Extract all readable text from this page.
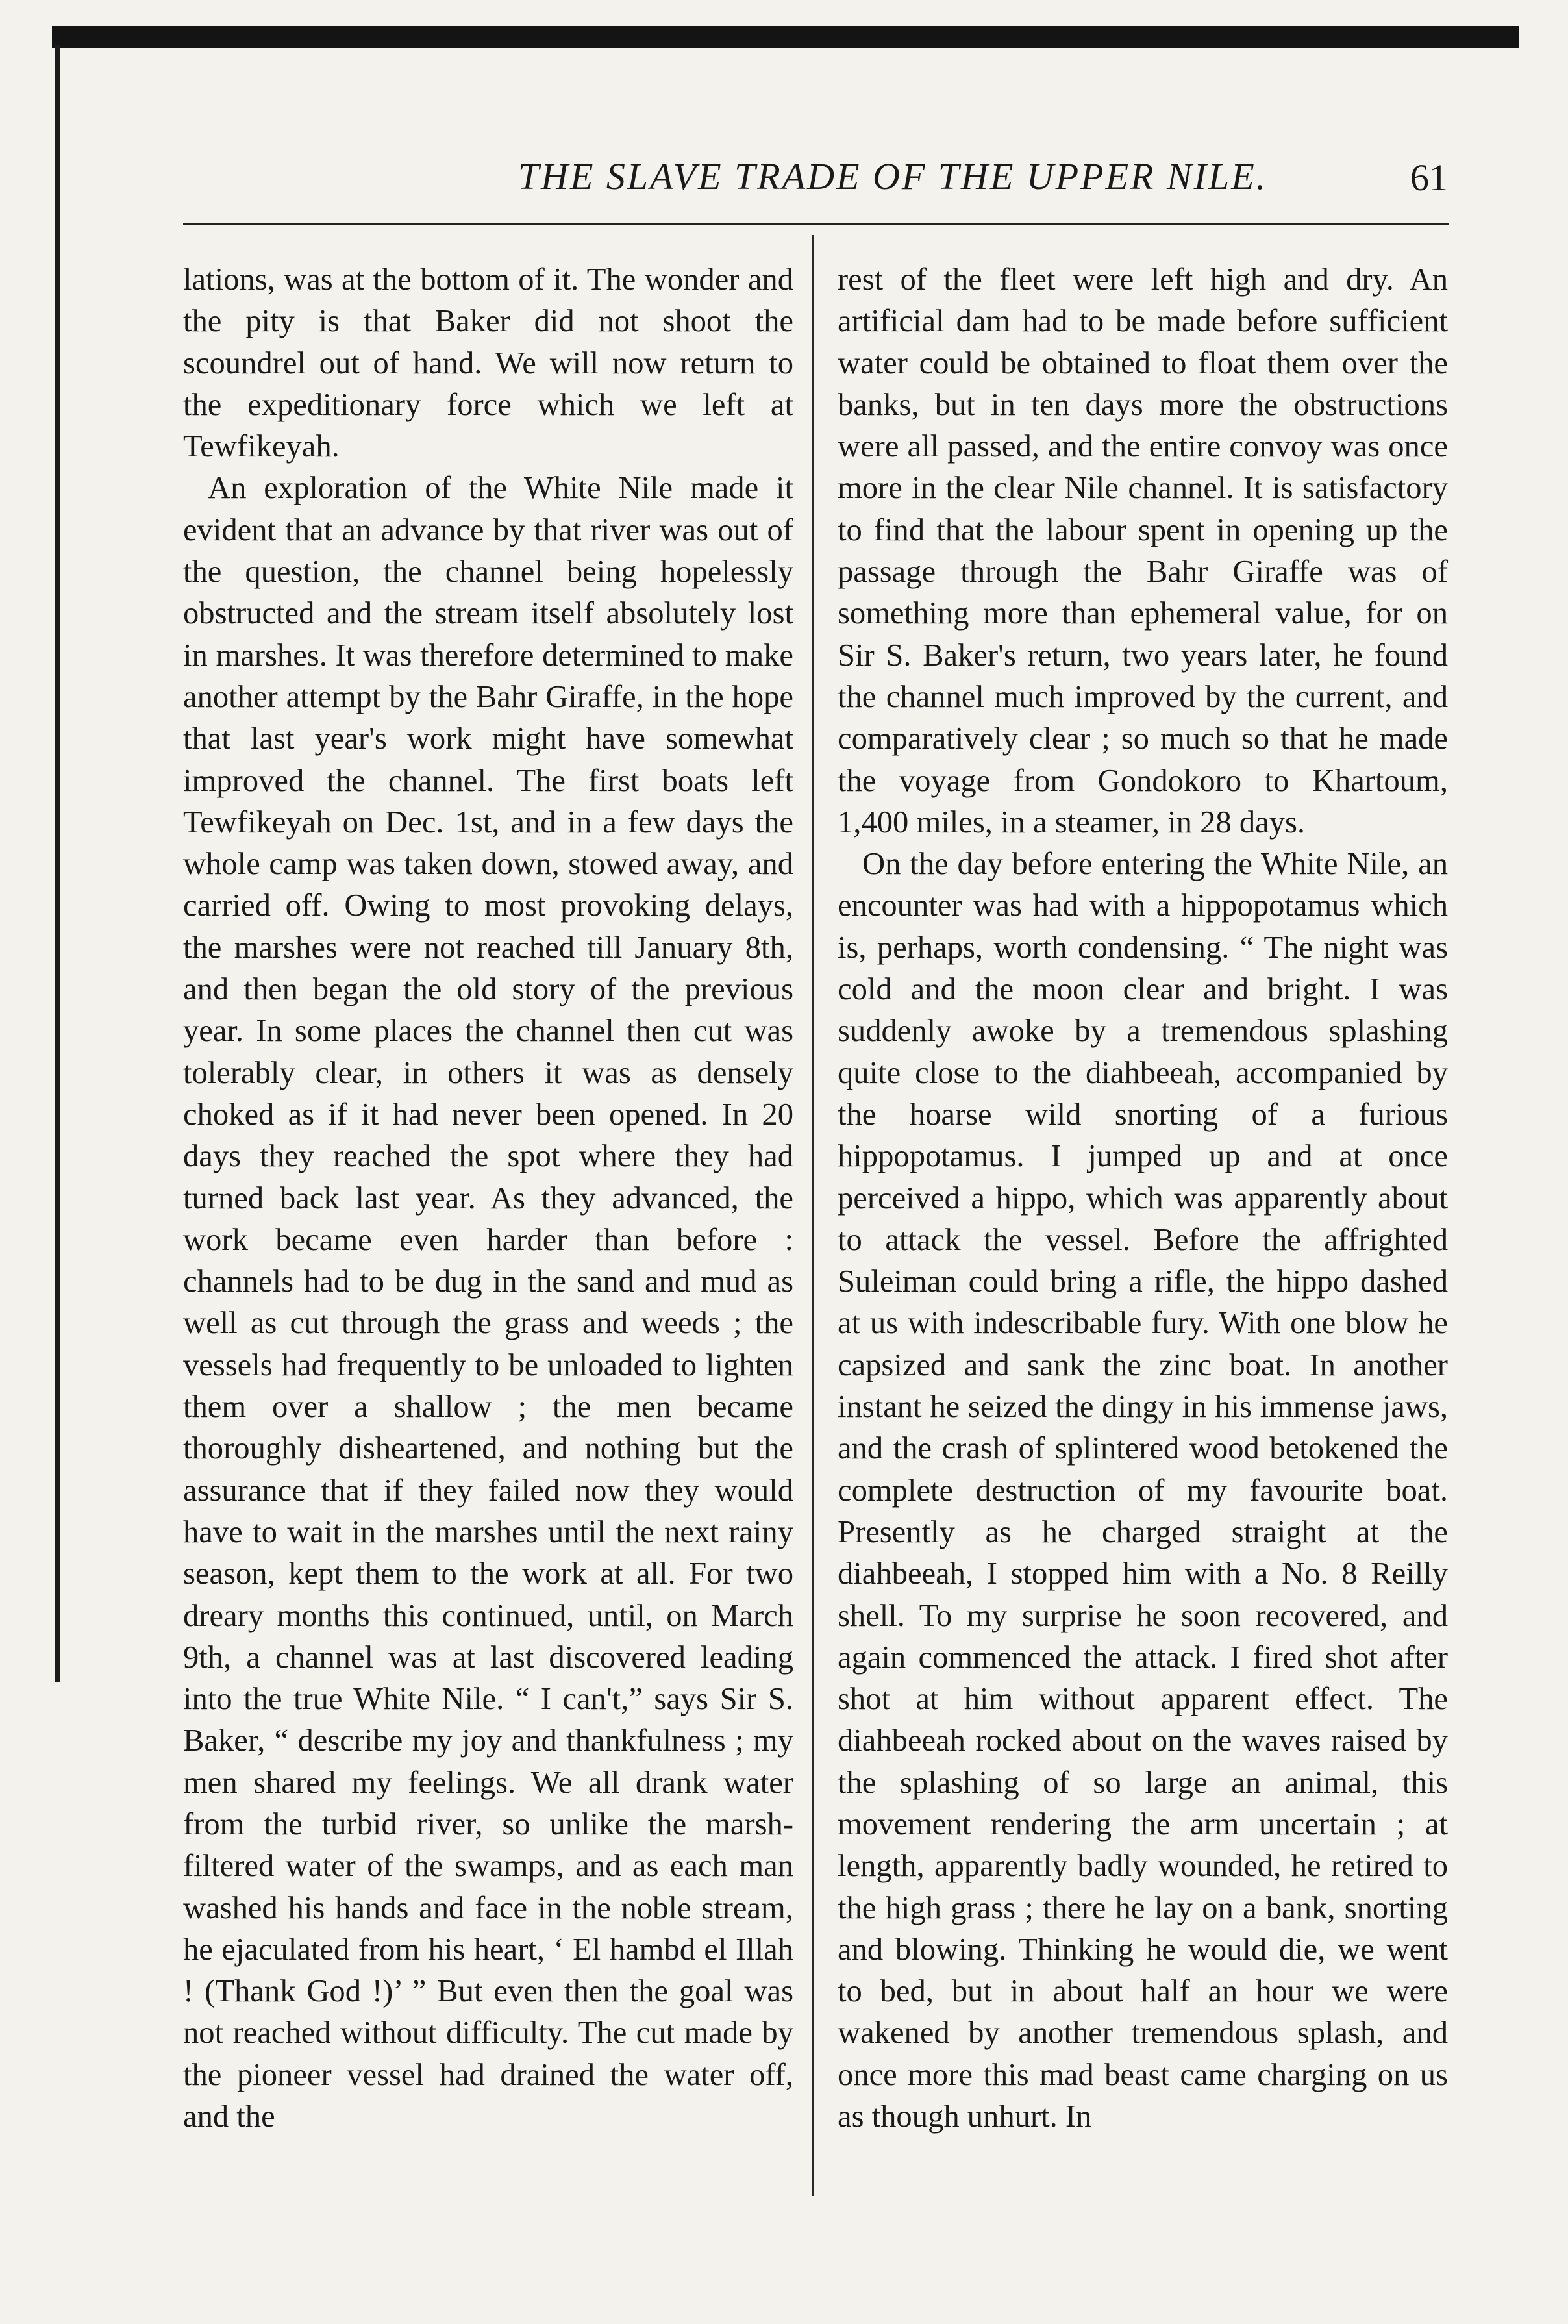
THE SLAVE TRADE OF THE UPPER NILE.	61

lations, was at the bottom of it. The wonder and the pity is that Baker did not shoot the scoundrel out of hand. We will now return to the expeditionary force which we left at Tewfikeyah.

An exploration of the White Nile made it evident that an advance by that river was out of the question, the channel being hopelessly obstructed and the stream itself absolutely lost in marshes. It was therefore determined to make another attempt by the Bahr Giraffe, in the hope that last year's work might have somewhat improved the channel. The first boats left Tewfikeyah on Dec. 1st, and in a few days the whole camp was taken down, stowed away, and carried off. Owing to most provoking delays, the marshes were not reached till January 8th, and then began the old story of the previous year. In some places the channel then cut was tolerably clear, in others it was as densely choked as if it had never been opened. In 20 days they reached the spot where they had turned back last year. As they advanced, the work became even harder than before : channels had to be dug in the sand and mud as well as cut through the grass and weeds ; the vessels had frequently to be unloaded to lighten them over a shallow ; the men became thoroughly disheartened, and nothing but the assurance that if they failed now they would have to wait in the marshes until the next rainy season, kept them to the work at all. For two dreary months this continued, until, on March 9th, a channel was at last discovered leading into the true White Nile. “ I can't,” says Sir S. Baker, “ describe my joy and thankfulness ; my men shared my feelings. We all drank water from the turbid river, so unlike the marsh-filtered water of the swamps, and as each man washed his hands and face in the noble stream, he ejaculated from his heart, ‘ El hambd el Illah ! (Thank God !)’ ” But even then the goal was not reached without difficulty. The cut made by the pioneer vessel had drained the water off, and the

rest of the fleet were left high and dry. An artificial dam had to be made before sufficient water could be obtained to float them over the banks, but in ten days more the obstructions were all passed, and the entire convoy was once more in the clear Nile channel. It is satisfactory to find that the labour spent in opening up the passage through the Bahr Giraffe was of something more than ephemeral value, for on Sir S. Baker's return, two years later, he found the channel much improved by the current, and comparatively clear ; so much so that he made the voyage from Gondokoro to Khartoum, 1,400 miles, in a steamer, in 28 days.

On the day before entering the White Nile, an encounter was had with a hippopotamus which is, perhaps, worth condensing. “ The night was cold and the moon clear and bright. I was suddenly awoke by a tremendous splashing quite close to the diahbeeah, accompanied by the hoarse wild snorting of a furious hippopotamus. I jumped up and at once perceived a hippo, which was apparently about to attack the vessel. Before the affrighted Suleiman could bring a rifle, the hippo dashed at us with indescribable fury. With one blow he capsized and sank the zinc boat. In another instant he seized the dingy in his immense jaws, and the crash of splintered wood betokened the complete destruction of my favourite boat. Presently as he charged straight at the diahbeeah, I stopped him with a No. 8 Reilly shell. To my surprise he soon recovered, and again commenced the attack. I fired shot after shot at him without apparent effect. The diahbeeah rocked about on the waves raised by the splashing of so large an animal, this movement rendering the arm uncertain ; at length, apparently badly wounded, he retired to the high grass ; there he lay on a bank, snorting and blowing. Thinking he would die, we went to bed, but in about half an hour we were wakened by another tremendous splash, and once more this mad beast came charging on us as though unhurt. In
